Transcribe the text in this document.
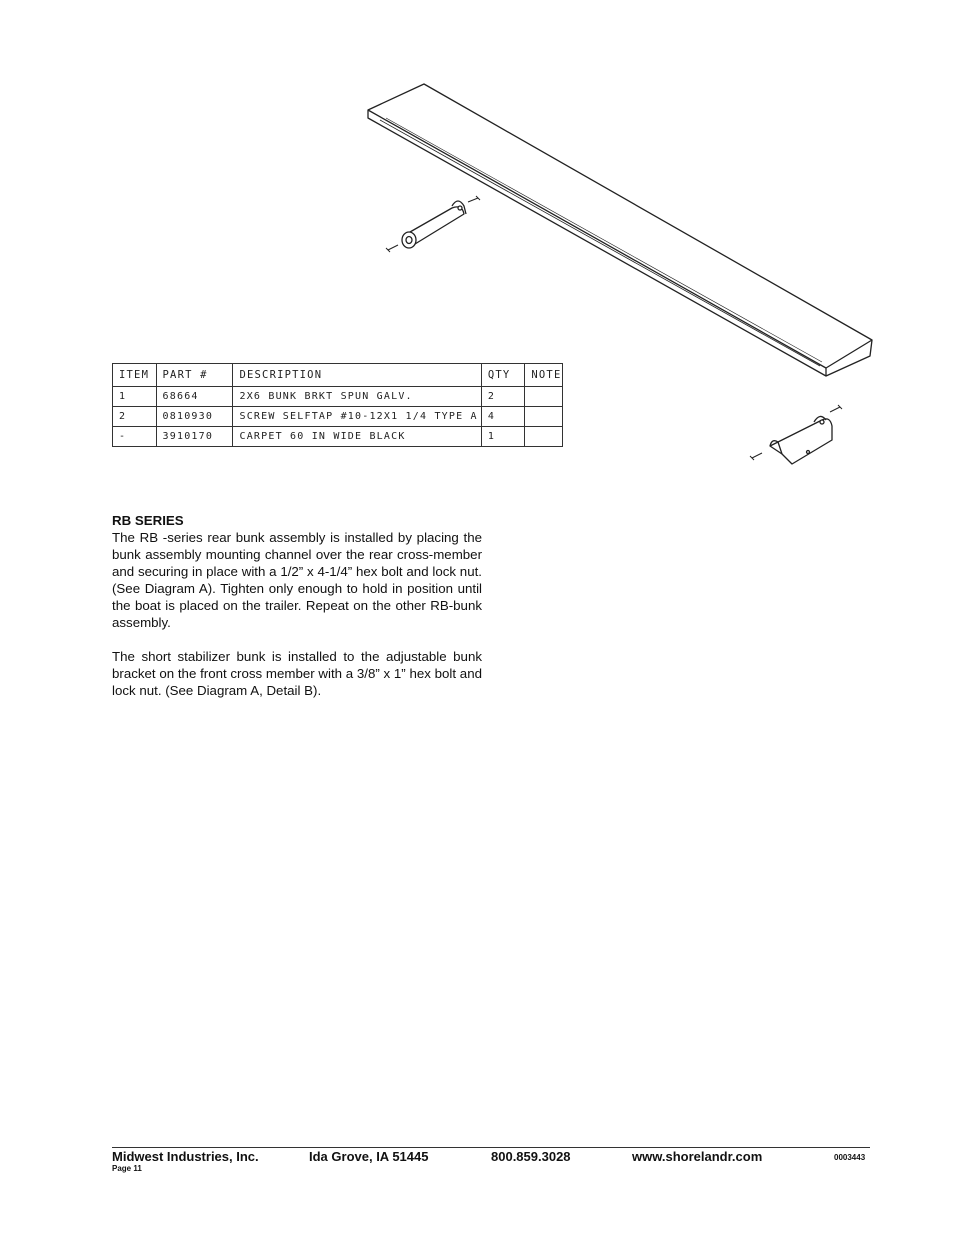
ITEM	PART #	DESCRIPTION	QTY	NOTE
1	68664	2X6 BUNK BRKT SPUN GALV.	2	
2	0810930	SCREW SELFTAP #10-12X1 1/4 TYPE A	4	
-	3910170	CARPET 60 IN WIDE BLACK	1	
RB SERIES

The RB -series rear bunk assembly is installed by placing the bunk assembly mounting channel over the rear cross-member and securing in place with a 1/2” x 4-1/4” hex bolt and lock nut. (See Diagram A). Tighten only enough to hold in position until the boat is placed on the trailer. Repeat on the other RB-bunk assembly.

The short stabilizer bunk is installed to the adjustable bunk bracket on the front cross member with a 3/8” x 1” hex bolt and lock nut. (See Diagram A, Detail B).

Midwest Industries, Inc.	Ida Grove, IA 51445	800.859.3028	www.shorelandr.com	0003443
Page 11
